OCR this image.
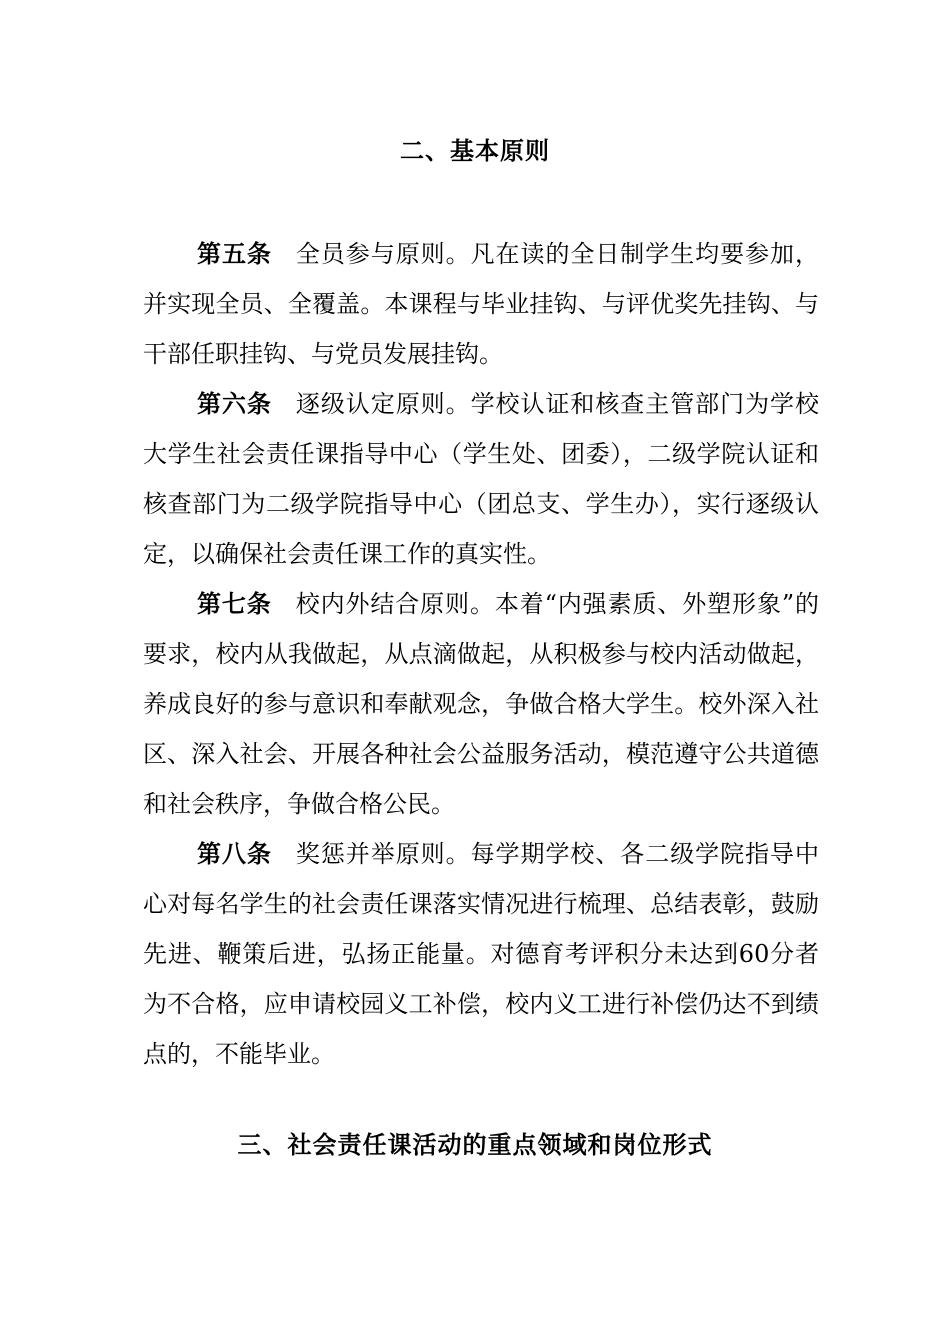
二、基本原则

第五条 全员参与原则。凡在读的全日制学生均要参加，并实现全员、全覆盖。本课程与毕业挂钩、与评优奖先挂钩、与干部任职挂钩、与党员发展挂钩。

第六条 逐级认定原则。学校认证和核查主管部门为学校大学生社会责任课指导中心（学生处、团委），二级学院认证和核查部门为二级学院指导中心（团总支、学生办），实行逐级认定，以确保社会责任课工作的真实性。

第七条 校内外结合原则。本着“内强素质、外塑形象”的要求，校内从我做起，从点滴做起，从积极参与校内活动做起，养成良好的参与意识和奉献观念，争做合格大学生。校外深入社区、深入社会、开展各种社会公益服务活动，模范遵守公共道德和社会秩序，争做合格公民。

第八条 奖惩并举原则。每学期学校、各二级学院指导中心对每名学生的社会责任课落实情况进行梳理、总结表彰，鼓励先进、鞭策后进，弘扬正能量。对德育考评积分未达到60分者为不合格，应申请校园义工补偿，校内义工进行补偿仍达不到绩点的，不能毕业。

三、社会责任课活动的重点领域和岗位形式
